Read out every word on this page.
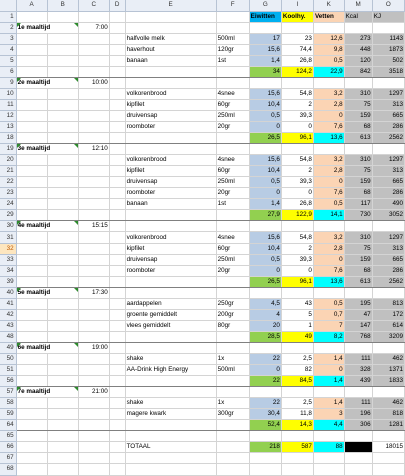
	A	B	C	D	E	F	G	I	K	M	O
1							Eiwitten	Koolhy.	Vetten	Kcal	KJ
2	1e maaltijd		7:00								
3					halfvolle melk	500ml	17	23	12,6	273	1143
4					haverhout	120gr	15,6	74,4	9,8	448	1873
5					banaan	1st	1,4	26,8	0,5	120	502
6							34	124,2	22,9	842	3518
9	2e maaltijd		10:00								
10					volkorenbrood	4snee	15,6	54,8	3,2	310	1297
11					kipfilet	60gr	10,4	2	2,8	75	313
12					druivensap	250ml	0,5	39,3	0	159	665
13					roomboter	20gr	0	0	7,6	68	286
18							26,5	96,1	13,6	613	2562
19	3e maaltijd		12:10								
20					volkorenbrood	4snee	15,6	54,8	3,2	310	1297
21					kipfilet	60gr	10,4	2	2,8	75	313
22					druivensap	250ml	0,5	39,3	0	159	665
23					roomboter	20gr	0	0	7,6	68	286
24					banaan	1st	1,4	26,8	0,5	117	490
29							27,9	122,9	14,1	730	3052
30	4e maaltijd		15:15								
31					volkorenbrood	4snee	15,6	54,8	3,2	310	1297
32					kipfilet	60gr	10,4	2	2,8	75	313
33					druivensap	250ml	0,5	39,3	0	159	665
34					roomboter	20gr	0	0	7,6	68	286
39							26,5	96,1	13,6	613	2562
40	5e maaltijd		17:30								
41					aardappelen	250gr	4,5	43	0,5	195	813
42					groente gemiddelt	200gr	4	5	0,7	47	172
43					vlees gemiddelt	80gr	20	1	7	147	614
48							28,5	49	8,2	768	3209
49	6e maaltijd		19:00								
50					shake	1x	22	2,5	1,4	111	462
51					AA-Drink High Energy	500ml	0	82	0	328	1371
56							22	84,5	1,4	439	1833
57	7e maaltijd		21:00								
58					shake	1x	22	2,5	1,4	111	462
59					magere kwark	300gr	30,4	11,8	3	196	818
64							52,4	14,3	4,4	306	1281
65											
66					TOTAAL		218	587	88		18015
67											
68											
